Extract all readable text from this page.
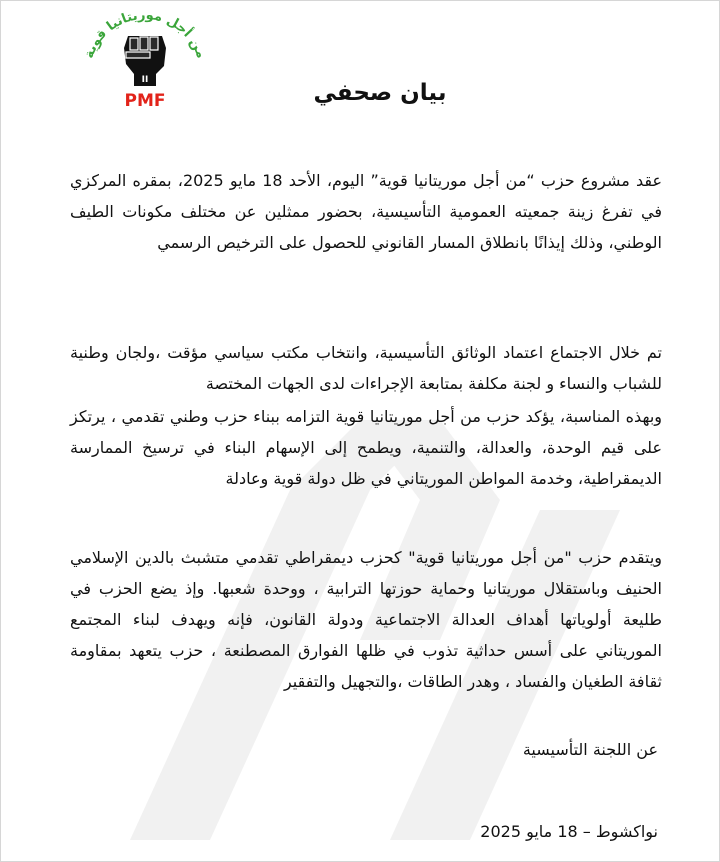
من أجل موريتانيا قوية
II
PMF	بيان صحفي

عقد مشروع حزب “من أجل موريتانيا قوية” اليوم، الأحد 18 مايو 2025، بمقره المركزي في تفرغ زينة جمعيته العمومية التأسيسية، بحضور ممثلين عن مختلف مكونات الطيف الوطني، وذلك إيذانًا بانطلاق المسار القانوني للحصول على الترخيص الرسمي

تم خلال الاجتماع اعتماد الوثائق التأسيسية، وانتخاب مكتب سياسي مؤقت ،ولجان وطنية للشباب والنساء و لجنة مكلفة بمتابعة الإجراءات لدى الجهات المختصة

وبهذه المناسبة، يؤكد حزب من أجل موريتانيا قوية التزامه ببناء حزب وطني تقدمي ، يرتكز على قيم الوحدة، والعدالة، والتنمية، ويطمح إلى الإسهام البناء في ترسيخ الممارسة الديمقراطية، وخدمة المواطن الموريتاني في ظل دولة قوية وعادلة

ويتقدم حزب "من أجل موريتانيا قوية" كحزب ديمقراطي تقدمي متشبث بالدين الإسلامي الحنيف وباستقلال موريتانيا وحماية حوزتها الترابية ، ووحدة شعبها. وإذ يضع الحزب في طليعة أولوياتها أهداف العدالة الاجتماعية ودولة القانون، فإنه ويهدف لبناء المجتمع الموريتاني على أسس حداثية تذوب في ظلها الفوارق المصطنعة ، حزب يتعهد بمقاومة ثقافة الطغيان والفساد ، وهدر الطاقات ،والتجهيل والتفقير

عن اللجنة التأسيسية
نواكشوط – 18 مايو 2025
